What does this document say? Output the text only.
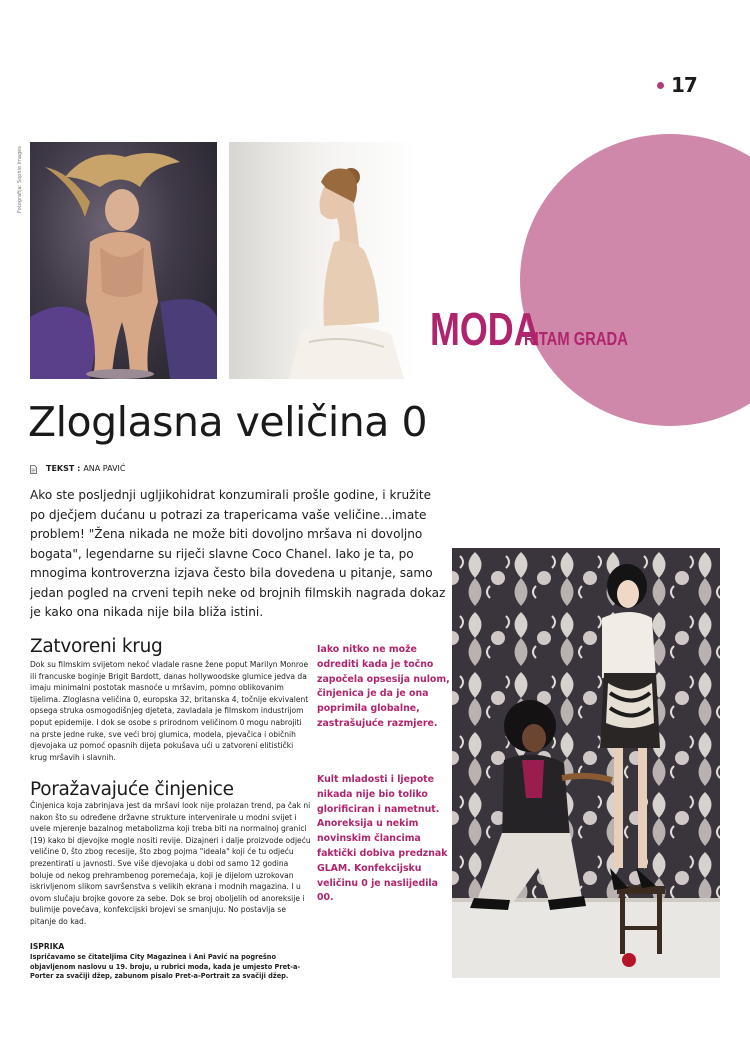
17
MODA
RITAM GRADA
Fotografija: Sophie Images
Zloglasna veličina 0
TEKST : ANA PAVIĆ
Ako ste posljednji ugljikohidrat konzumirali prošle godine, i kružite po dječjem dućanu u potrazi za trapericama vaše veličine...imate problem! "Žena nikada ne može biti dovoljno mršava ni dovoljno bogata", legendarne su riječi slavne Coco Chanel. Iako je ta, po mnogima kontroverzna izjava često bila dovedena u pitanje, samo jedan pogled na crveni tepih neke od brojnih filmskih nagrada dokaz je kako ona nikada nije bila bliža istini.
Zatvoreni krug
Dok su filmskim svijetom nekoć vladale rasne žene poput Marilyn Monroe ili francuske boginje Brigit Bardott, danas hollywoodske glumice jedva da imaju minimalni postotak masnoće u mršavim, pomno oblikovanim tijelima. Zloglasna veličina 0, europska 32, britanska 4, točnije ekvivalent opsega struka osmogodišnjeg djeteta, zavladala je filmskom industrijom poput epidemije. I dok se osobe s prirodnom veličinom 0 mogu nabrojiti na prste jedne ruke, sve veći broj glumica, modela, pjevačica i običnih djevojaka uz pomoć opasnih dijeta pokušava ući u zatvoreni elitistički krug mršavih i slavnih.
Poražavajuće činjenice
Činjenica koja zabrinjava jest da mršavi look nije prolazan trend, pa čak ni nakon što su određene državne strukture intervenirale u modni svijet i uvele mjerenje bazalnog metabolizma koji treba biti na normalnoj granici (19) kako bi djevojke mogle nositi revije. Dizajneri i dalje proizvode odjeću veličine 0, što zbog recesije, što zbog pojma "ideala" koji će tu odjeću prezentirati u javnosti. Sve više djevojaka u dobi od samo 12 godina boluje od nekog prehrambenog poremećaja, koji je dijelom uzrokovan iskrivljenom slikom savršenstva s velikih ekrana i modnih magazina. I u ovom slučaju brojke govore za sebe. Dok se broj oboljelih od anoreksije i bulimije povećava, konfekcijski brojevi se smanjuju. No postavlja se pitanje do kad.
ISPRIKA
Ispričavamo se čitateljima City Magazinea i Ani Pavić na pogrešno objavljenom naslovu u 19. broju, u rubrici moda, kada je umjesto Pret-a-Porter za svačiji džep, zabunom pisalo Pret-a-Portrait za svačiji džep.
Iako nitko ne može odrediti kada je točno započela opsesija nulom, činjenica je da je ona poprimila globalne, zastrašujuće razmjere.
Kult mladosti i ljepote nikada nije bio toliko glorificiran i nametnut. Anoreksija u nekim novinskim člancima faktički dobiva predznak GLAM. Konfekcijsku veličinu 0 je naslijedila 00.
